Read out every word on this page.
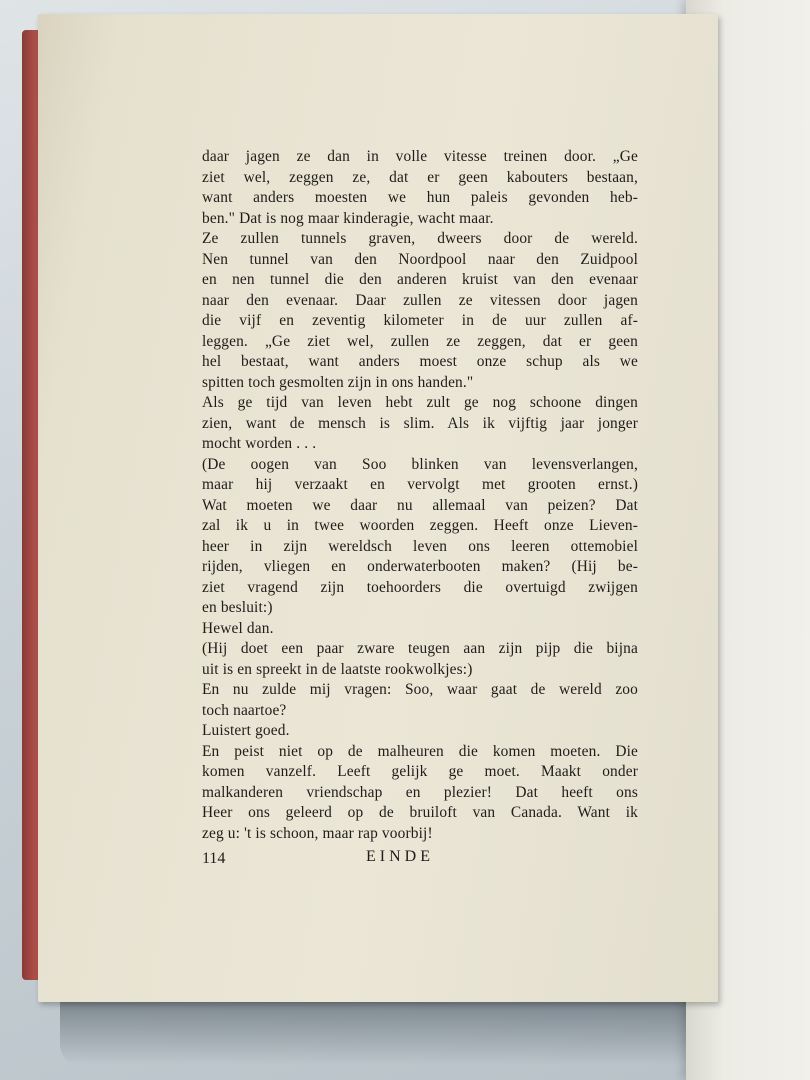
daar jagen ze dan in volle vitesse treinen door. „Ge
ziet wel, zeggen ze, dat er geen kabouters bestaan,
want anders moesten we hun paleis gevonden heb-
ben." Dat is nog maar kinderagie, wacht maar.
Ze zullen tunnels graven, dweers door de wereld.
Nen tunnel van den Noordpool naar den Zuidpool
en nen tunnel die den anderen kruist van den evenaar
naar den evenaar. Daar zullen ze vitessen door jagen
die vijf en zeventig kilometer in de uur zullen af-
leggen. „Ge ziet wel, zullen ze zeggen, dat er geen
hel bestaat, want anders moest onze schup als we
spitten toch gesmolten zijn in ons handen."
Als ge tijd van leven hebt zult ge nog schoone dingen
zien, want de mensch is slim. Als ik vijftig jaar jonger
mocht worden . . .
(De oogen van Soo blinken van levensverlangen,
maar hij verzaakt en vervolgt met grooten ernst.)
Wat moeten we daar nu allemaal van peizen? Dat
zal ik u in twee woorden zeggen. Heeft onze Lieven-
heer in zijn wereldsch leven ons leeren ottemobiel
rijden, vliegen en onderwaterbooten maken? (Hij be-
ziet vragend zijn toehoorders die overtuigd zwijgen
en besluit:)
Hewel dan.
(Hij doet een paar zware teugen aan zijn pijp die bijna
uit is en spreekt in de laatste rookwolkjes:)
En nu zulde mij vragen: Soo, waar gaat de wereld zoo
toch naartoe?
Luistert goed.
En peist niet op de malheuren die komen moeten. Die
komen vanzelf. Leeft gelijk ge moet. Maakt onder
malkanderen vriendschap en plezier! Dat heeft ons
Heer ons geleerd op de bruiloft van Canada. Want ik
zeg u: 't is schoon, maar rap voorbij!
114	EINDE
